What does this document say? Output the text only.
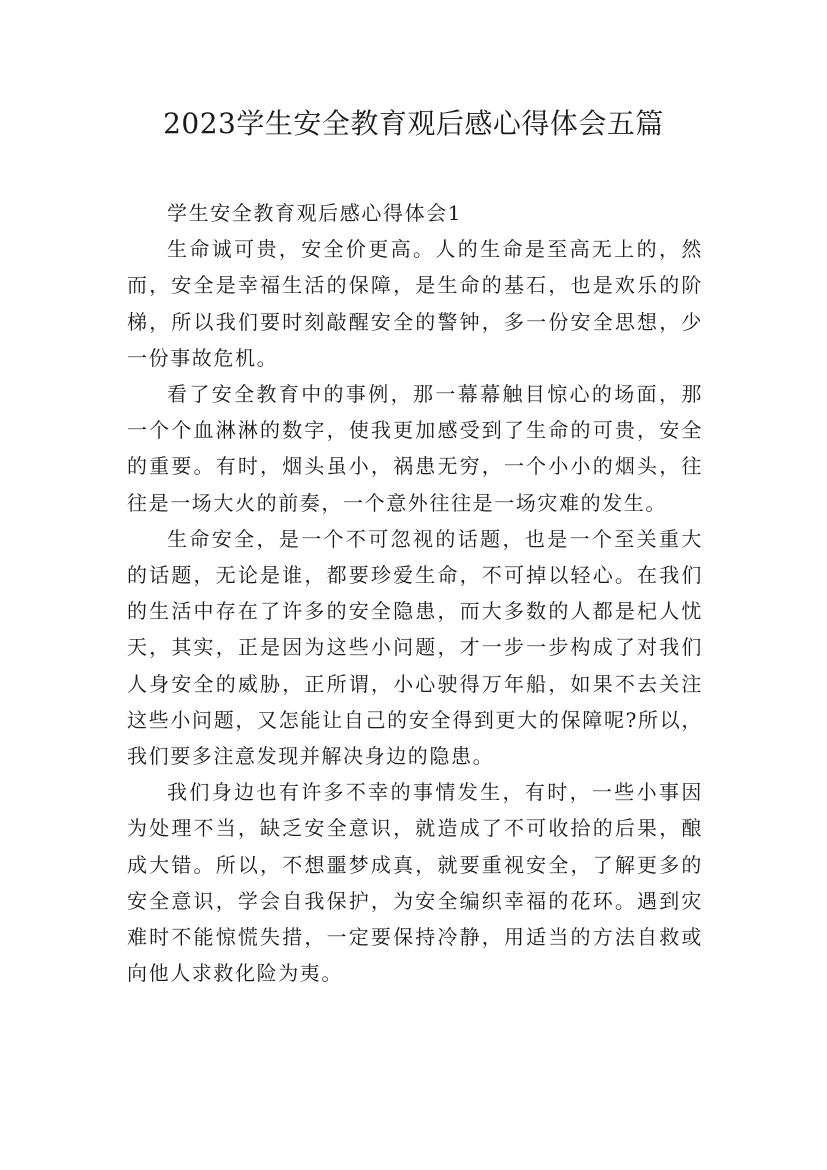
2023学生安全教育观后感心得体会五篇

学生安全教育观后感心得体会1

生命诚可贵，安全价更高。人的生命是至高无上的，然而，安全是幸福生活的保障，是生命的基石，也是欢乐的阶梯，所以我们要时刻敲醒安全的警钟，多一份安全思想，少一份事故危机。

看了安全教育中的事例，那一幕幕触目惊心的场面，那一个个血淋淋的数字，使我更加感受到了生命的可贵，安全的重要。有时，烟头虽小，祸患无穷，一个小小的烟头，往往是一场大火的前奏，一个意外往往是一场灾难的发生。

生命安全，是一个不可忽视的话题，也是一个至关重大的话题，无论是谁，都要珍爱生命，不可掉以轻心。在我们的生活中存在了许多的安全隐患，而大多数的人都是杞人忧天，其实，正是因为这些小问题，才一步一步构成了对我们人身安全的威胁，正所谓，小心驶得万年船，如果不去关注这些小问题，又怎能让自己的安全得到更大的保障呢?所以，我们要多注意发现并解决身边的隐患。

我们身边也有许多不幸的事情发生，有时，一些小事因为处理不当，缺乏安全意识，就造成了不可收拾的后果，酿成大错。所以，不想噩梦成真，就要重视安全，了解更多的安全意识，学会自我保护，为安全编织幸福的花环。遇到灾难时不能惊慌失措，一定要保持冷静，用适当的方法自救或向他人求救化险为夷。
